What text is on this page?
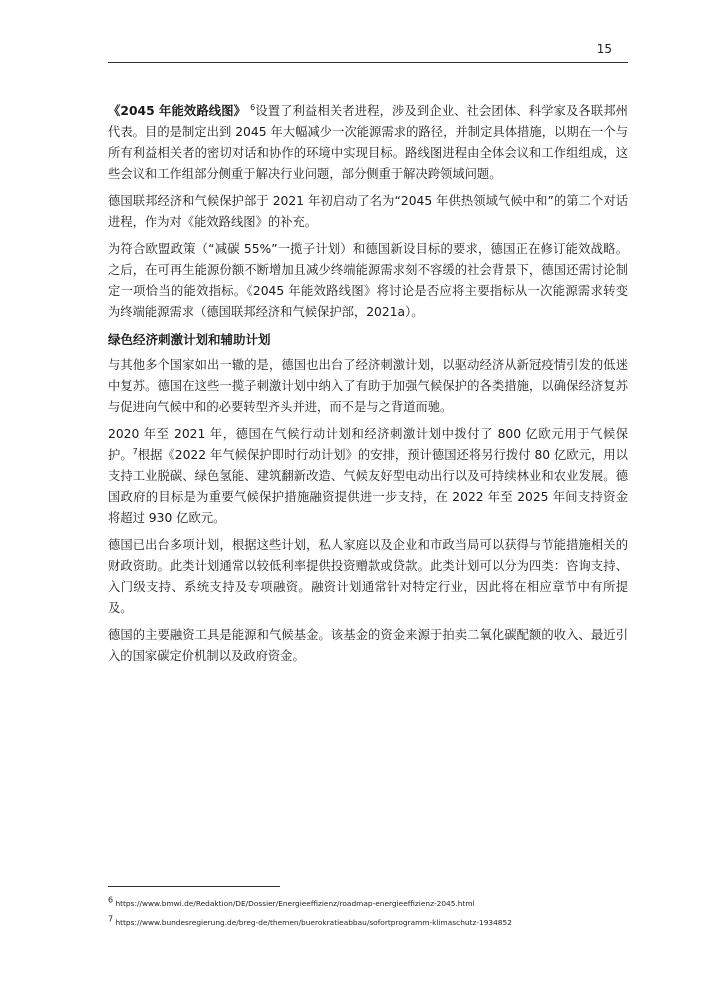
15

《2045 年能效路线图》 $^6$设置了利益相关者进程，涉及到企业、社会团体、科学家及各联邦州代表。目的是制定出到 2045 年大幅减少一次能源需求的路径，并制定具体措施，以期在一个与所有利益相关者的密切对话和协作的环境中实现目标。路线图进程由全体会议和工作组组成，这些会议和工作组部分侧重于解决行业问题，部分侧重于解决跨领域问题。

德国联邦经济和气候保护部于 2021 年初启动了名为“2045 年供热领域气候中和”的第二个对话进程，作为对《能效路线图》的补充。

为符合欧盟政策（“减碳 55%”一揽子计划）和德国新设目标的要求，德国正在修订能效战略。之后，在可再生能源份额不断增加且减少终端能源需求刻不容缓的社会背景下，德国还需讨论制定一项恰当的能效指标。《2045 年能效路线图》将讨论是否应将主要指标从一次能源需求转变为终端能源需求（德国联邦经济和气候保护部，2021a）。

绿色经济刺激计划和辅助计划

与其他多个国家如出一辙的是，德国也出台了经济刺激计划，以驱动经济从新冠疫情引发的低迷中复苏。德国在这些一揽子刺激计划中纳入了有助于加强气候保护的各类措施，以确保经济复苏与促进向气候中和的必要转型齐头并进，而不是与之背道而驰。

2020 年至 2021 年，德国在气候行动计划和经济刺激计划中拨付了 800 亿欧元用于气候保护。$^7$根据《2022 年气候保护即时行动计划》的安排，预计德国还将另行拨付 80 亿欧元，用以支持工业脱碳、绿色氢能、建筑翻新改造、气候友好型电动出行以及可持续林业和农业发展。德国政府的目标是为重要气候保护措施融资提供进一步支持，在 2022 年至 2025 年间支持资金将超过 930 亿欧元。

德国已出台多项计划，根据这些计划，私人家庭以及企业和市政当局可以获得与节能措施相关的财政资助。此类计划通常以较低利率提供投资赠款或贷款。此类计划可以分为四类：咨询支持、入门级支持、系统支持及专项融资。融资计划通常针对特定行业，因此将在相应章节中有所提及。

德国的主要融资工具是能源和气候基金。该基金的资金来源于拍卖二氧化碳配额的收入、最近引入的国家碳定价机制以及政府资金。

$^6$ https://www.bmwi.de/Redaktion/DE/Dossier/Energieeffizienz/roadmap-energieeffizienz-2045.html
$^7$ https://www.bundesregierung.de/breg-de/themen/buerokratieabbau/sofortprogramm-klimaschutz-1934852
